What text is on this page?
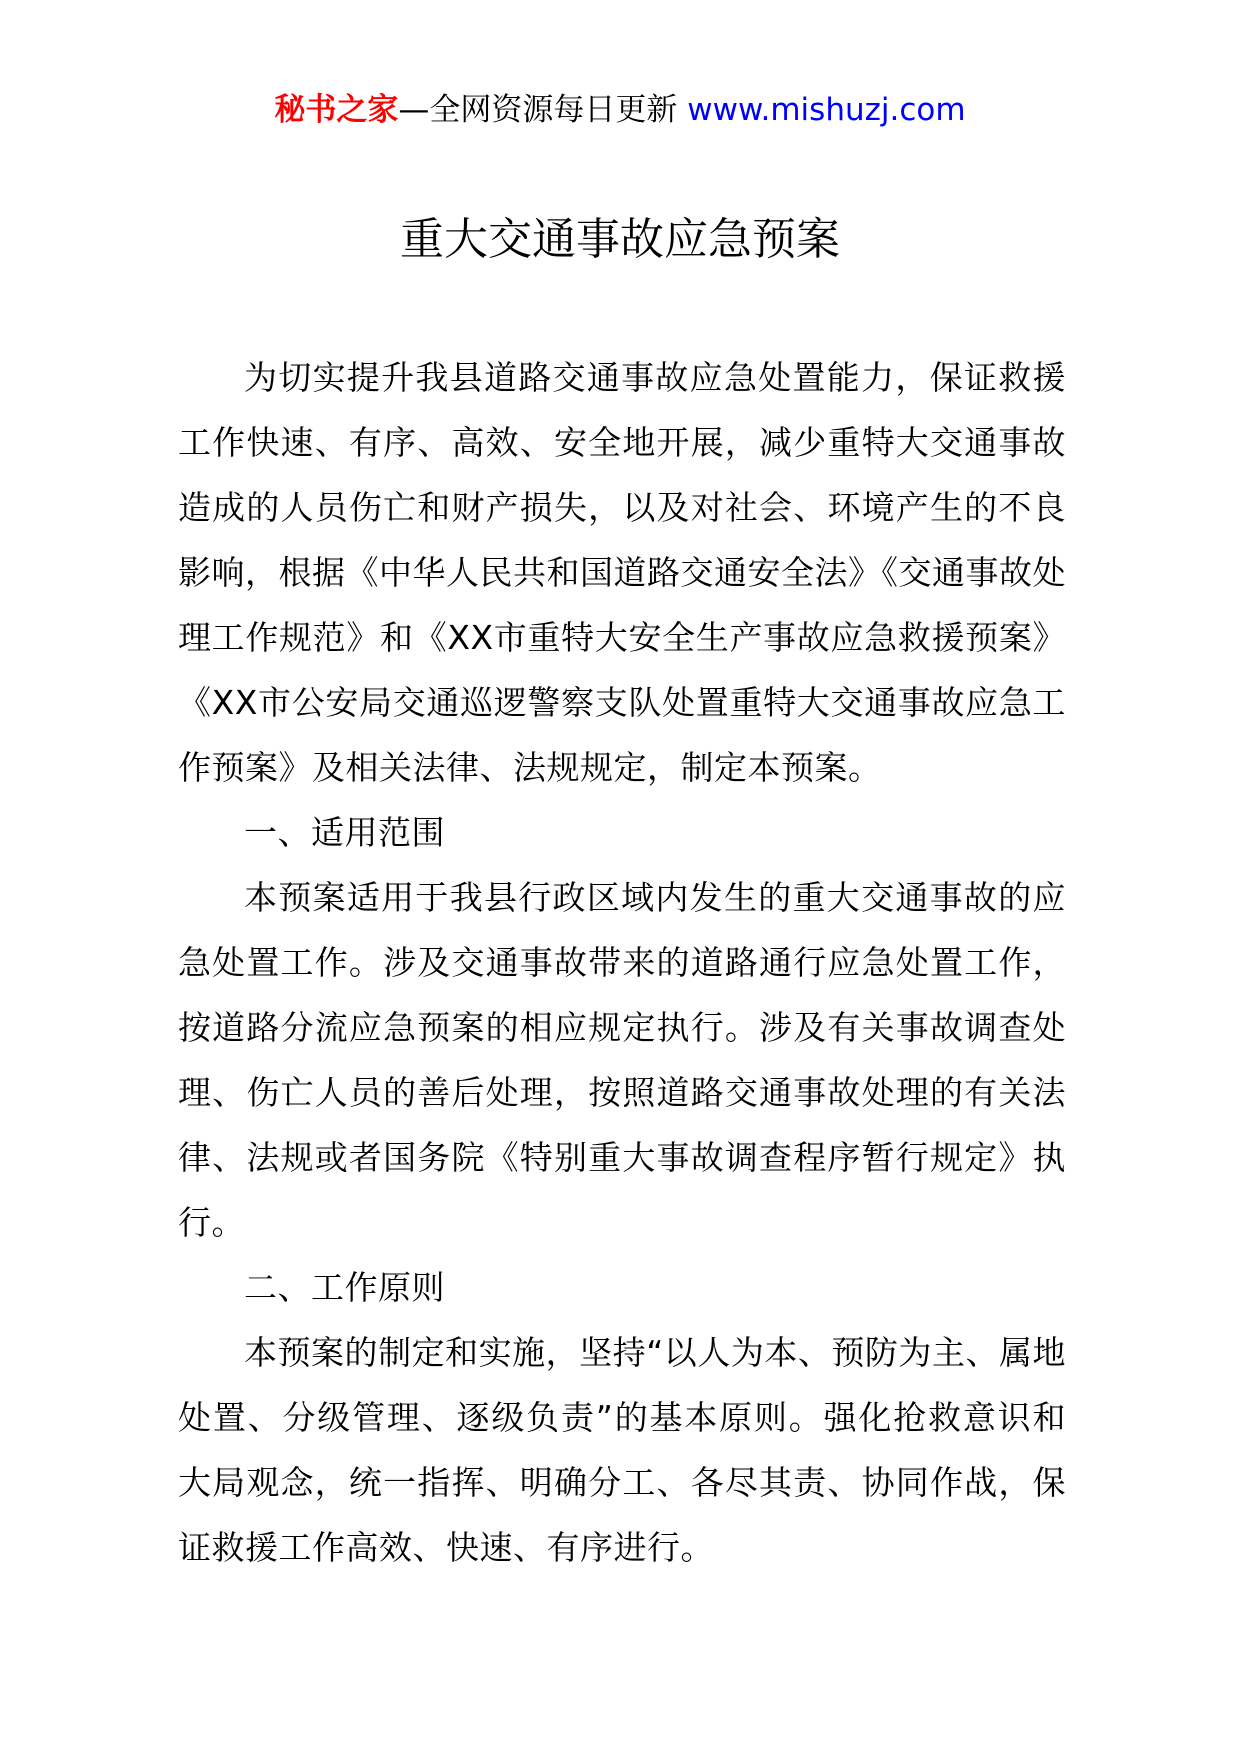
秘书之家—全网资源每日更新 www.mishuzj.com
重大交通事故应急预案

为切实提升我县道路交通事故应急处置能力，保证救援工作快速、有序、高效、安全地开展，减少重特大交通事故造成的人员伤亡和财产损失，以及对社会、环境产生的不良影响，根据《中华人民共和国道路交通安全法》《交通事故处理工作规范》和《XX市重特大安全生产事故应急救援预案》《XX市公安局交通巡逻警察支队处置重特大交通事故应急工作预案》及相关法律、法规规定，制定本预案。

一、适用范围

本预案适用于我县行政区域内发生的重大交通事故的应急处置工作。涉及交通事故带来的道路通行应急处置工作，按道路分流应急预案的相应规定执行。涉及有关事故调查处理、伤亡人员的善后处理，按照道路交通事故处理的有关法律、法规或者国务院《特别重大事故调查程序暂行规定》执行。

二、工作原则

本预案的制定和实施，坚持“以人为本、预防为主、属地处置、分级管理、逐级负责”的基本原则。强化抢救意识和大局观念，统一指挥、明确分工、各尽其责、协同作战，保证救援工作高效、快速、有序进行。
